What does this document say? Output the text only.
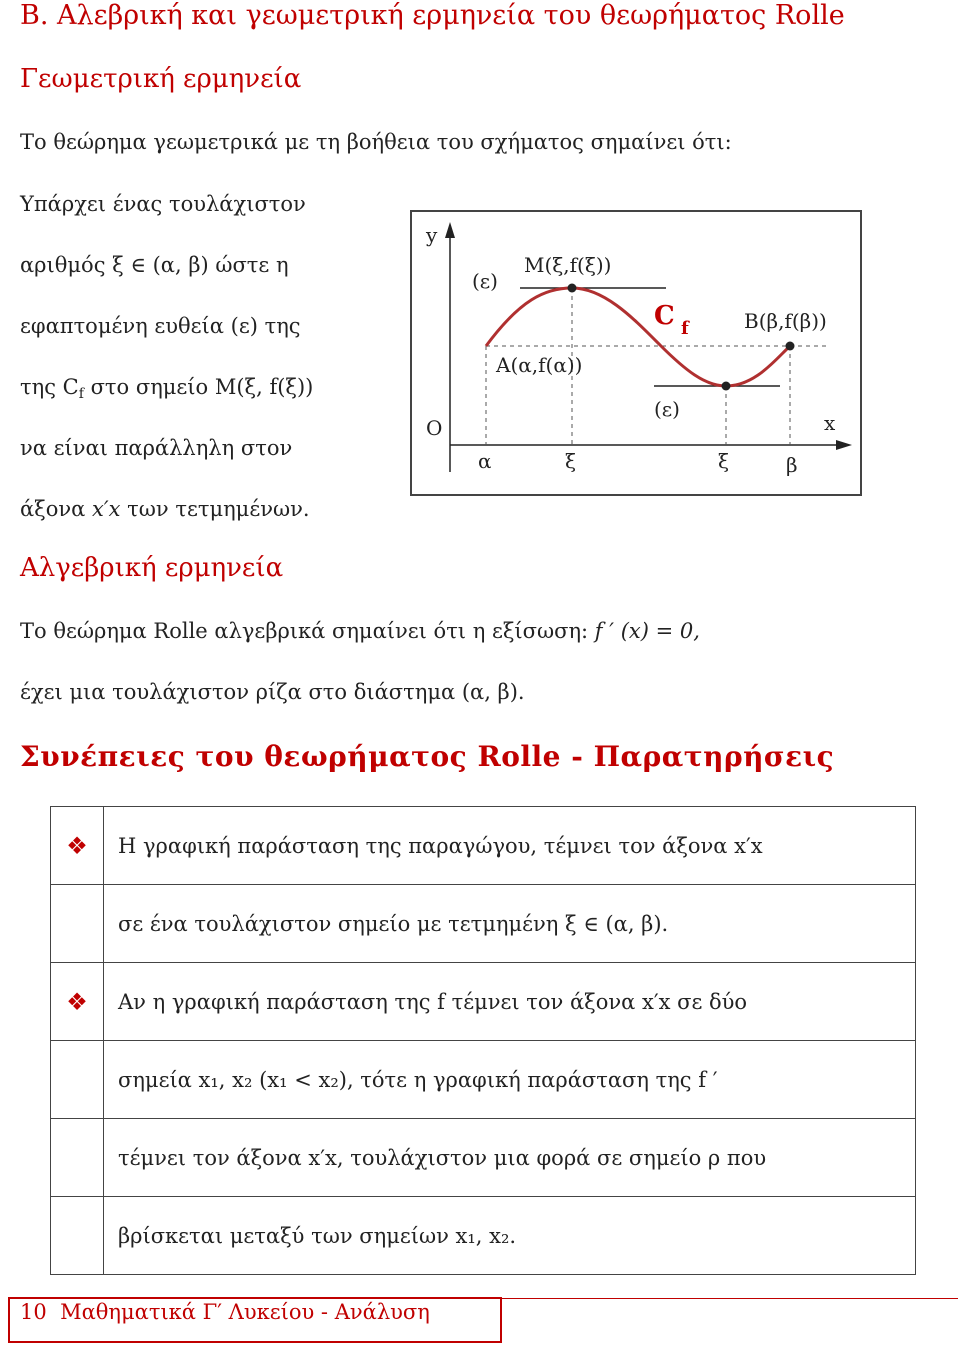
Β. Αλεβρική και γεωμετρική ερμηνεία του θεωρήματος Rolle
Γεωμετρική ερμηνεία
Το θεώρημα γεωμετρικά με τη βοήθεια του σχήματος σημαίνει ότι:
Υπάρχει ένας τουλάχιστον
αριθμός ξ ∈ (α, β) ώστε η
εφαπτομένη ευθεία (ε) της
της $C_f$ στο σημείο M(ξ, f(ξ))
να είναι παράλληλη στον
άξονα x′x των τετμημένων.
y
x
O
(ε)
M(ξ,f(ξ))
C f	B(β,f(β))
A(α,f(α))
(ε)
α	ξ	ξ	β
Αλγεβρική ερμηνεία
Το θεώρημα Rolle αλγεβρικά σημαίνει ότι η εξίσωση: f ′ (x) = 0,
έχει μια τουλάχιστον ρίζα στο διάστημα (α, β).
Συνέπειες του θεωρήματος Rolle - Παρατηρήσεις
❖	Η γραφική παράσταση της παραγώγου, τέμνει τον άξονα x′x
	σε ένα τουλάχιστον σημείο με τετμημένη ξ ∈ (α, β).
❖	Αν η γραφική παράσταση της f τέμνει τον άξονα x′x σε δύο
	σημεία x₁, x₂ (x₁ < x₂), τότε η γραφική παράσταση της f ′
	τέμνει τον άξονα x′x, τουλάχιστον μια φορά σε σημείο ρ που
	βρίσκεται μεταξύ των σημείων x₁, x₂.
10 Μαθηματικά Γ′ Λυκείου - Ανάλυση
